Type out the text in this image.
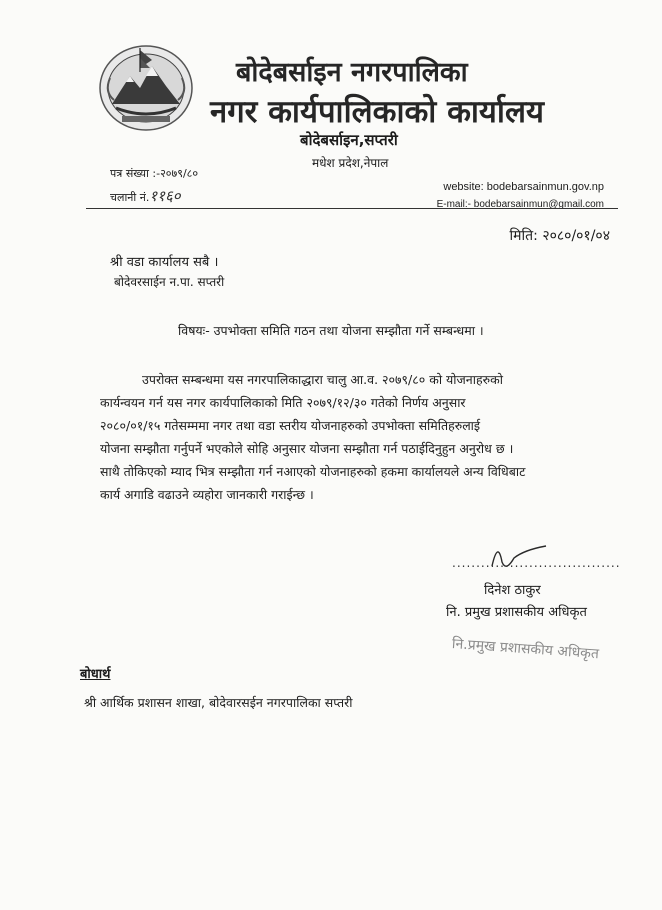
बोदेबर्साइन नगरपालिका
नगर कार्यपालिकाको कार्यालय
बोदेबर्साइन,सप्तरी
मधेश प्रदेश,नेपाल
पत्र संख्या :-२०७९/८०
चलानी नं.११६०	website: bodebarsainmun.gov.np
E-mail:- bodebarsainmun@gmail.com
मिति: २०८०/०१/०४
श्री वडा कार्यालय सबै ।
बोदेवरसाईन न.पा. सप्तरी
विषयः- उपभोक्ता समिति गठन तथा योजना सम्झौता गर्ने सम्बन्धमा ।
उपरोक्त सम्बन्धमा यस नगरपालिकाद्धारा चालु आ.व. २०७९/८० को योजनाहरुको
कार्यन्वयन गर्न यस नगर कार्यपालिकाको मिति २०७९/१२/३० गतेको निर्णय अनुसार
२०८०/०१/१५ गतेसम्ममा नगर तथा वडा स्तरीय योजनाहरुको उपभोक्ता समितिहरुलाई
योजना सम्झौता गर्नुपर्ने भएकोले सोहि अनुसार योजना सम्झौता गर्न पठाईदिनुहुन अनुरोध छ ।
साथै तोकिएको म्याद भित्र सम्झौता गर्न नआएको योजनाहरुको हकमा कार्यालयले अन्य विधिबाट
कार्य अगाडि वढाउने व्यहोरा जानकारी गराईन्छ ।
...................................
दिनेश ठाकुर
नि. प्रमुख प्रशासकीय अधिकृत
नि.प्रमुख प्रशासकीय अधिकृत
बोधार्थ
श्री आर्थिक प्रशासन शाखा, बोदेवारसईन नगरपालिका सप्तरी
